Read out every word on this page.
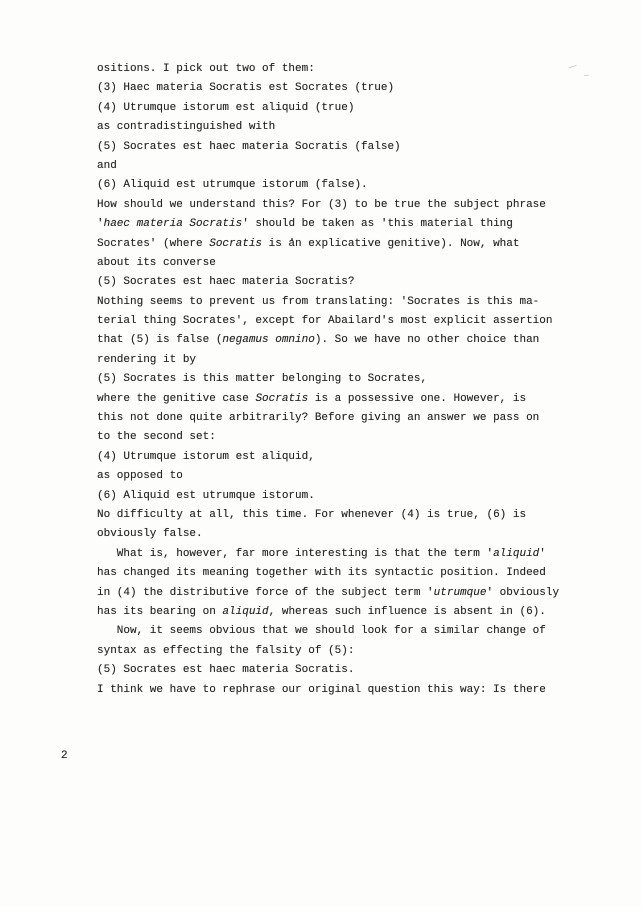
ositions. I pick out two of them:
(3) Haec materia Socratis est Socrates (true)
(4) Utrumque istorum est aliquid (true)
as contradistinguished with
(5) Socrates est haec materia Socratis (false)
and
(6) Aliquid est utrumque istorum (false).
How should we understand this? For (3) to be true the subject phrase
'haec materia Socratis' should be taken as 'this material thing
Socrates' (where Socratis is an explicative genitive). Now, what
about its converse
(5) Socrates est haec materia Socratis?
Nothing seems to prevent us from translating: 'Socrates is this ma-
terial thing Socrates', except for Abailard's most explicit assertion
that (5) is false (negamus omnino). So we have no other choice than
rendering it by
(5) Socrates is this matter belonging to Socrates,
where the genitive case Socratis is a possessive one. However, is
this not done quite arbitrarily? Before giving an answer we pass on
to the second set:
(4) Utrumque istorum est aliquid,
as opposed to
(6) Aliquid est utrumque istorum.
No difficulty at all, this time. For whenever (4) is true, (6) is
obviously false.
What is, however, far more interesting is that the term 'aliquid'
has changed its meaning together with its syntactic position. Indeed
in (4) the distributive force of the subject term 'utrumque' obviously
has its bearing on aliquid, whereas such influence is absent in (6).
Now, it seems obvious that we should look for a similar change of
syntax as effecting the falsity of (5):
(5) Socrates est haec materia Socratis.
I think we have to rephrase our original question this way: Is there
2
